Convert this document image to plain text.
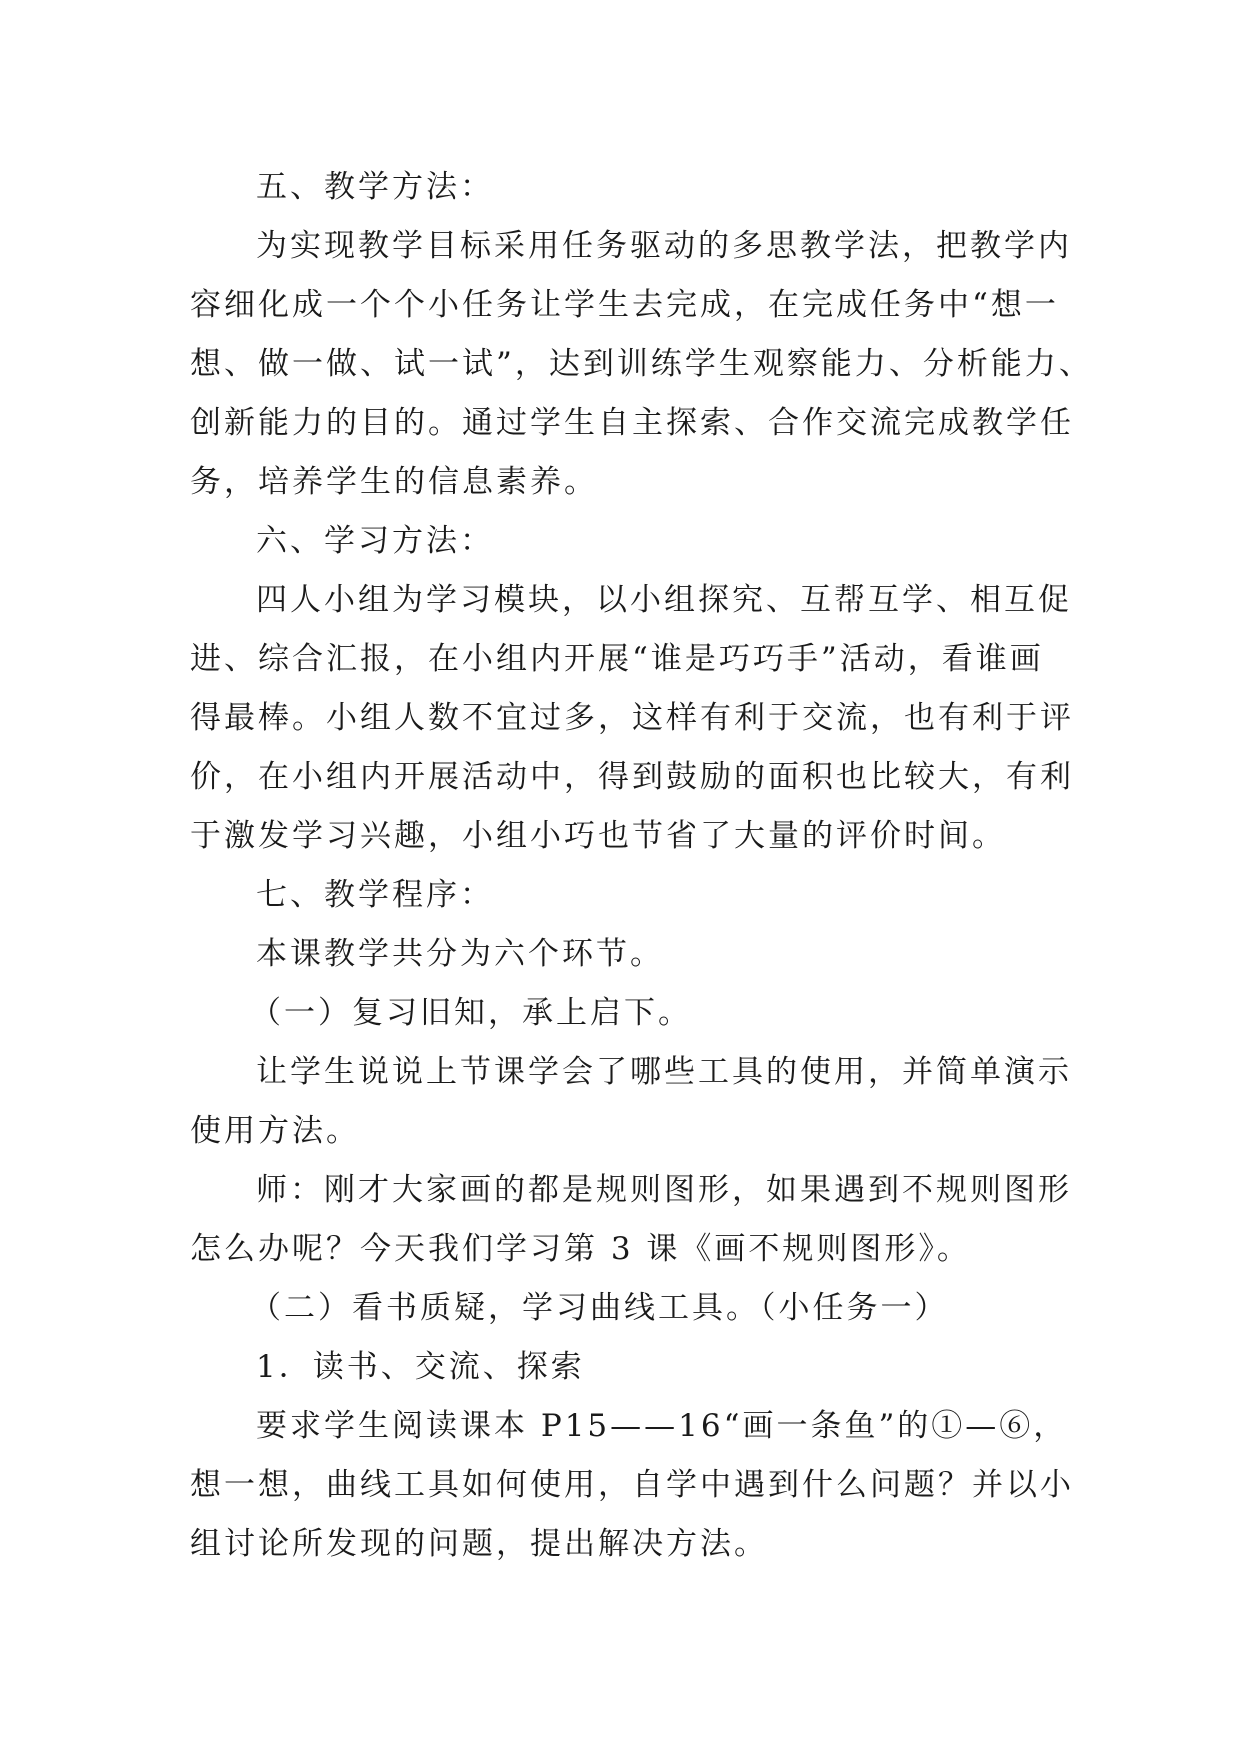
五、教学方法：

为实现教学目标采用任务驱动的多思教学法，把教学内

容细化成一个个小任务让学生去完成，在完成任务中“想一

想、做一做、试一试”，达到训练学生观察能力、分析能力、

创新能力的目的。通过学生自主探索、合作交流完成教学任

务，培养学生的信息素养。

六、学习方法：

四人小组为学习模块，以小组探究、互帮互学、相互促

进、综合汇报，在小组内开展“谁是巧巧手”活动，看谁画

得最棒。小组人数不宜过多，这样有利于交流，也有利于评

价，在小组内开展活动中，得到鼓励的面积也比较大，有利

于激发学习兴趣，小组小巧也节省了大量的评价时间。

七、教学程序：

本课教学共分为六个环节。

（一）复习旧知，承上启下。

让学生说说上节课学会了哪些工具的使用，并简单演示

使用方法。

师：刚才大家画的都是规则图形，如果遇到不规则图形

怎么办呢？今天我们学习第 3 课《画不规则图形》。

（二）看书质疑，学习曲线工具。（小任务一）

1．读书、交流、探索

要求学生阅读课本 P15——16“画一条鱼”的①—⑥，

想一想，曲线工具如何使用，自学中遇到什么问题？并以小

组讨论所发现的问题，提出解决方法。
